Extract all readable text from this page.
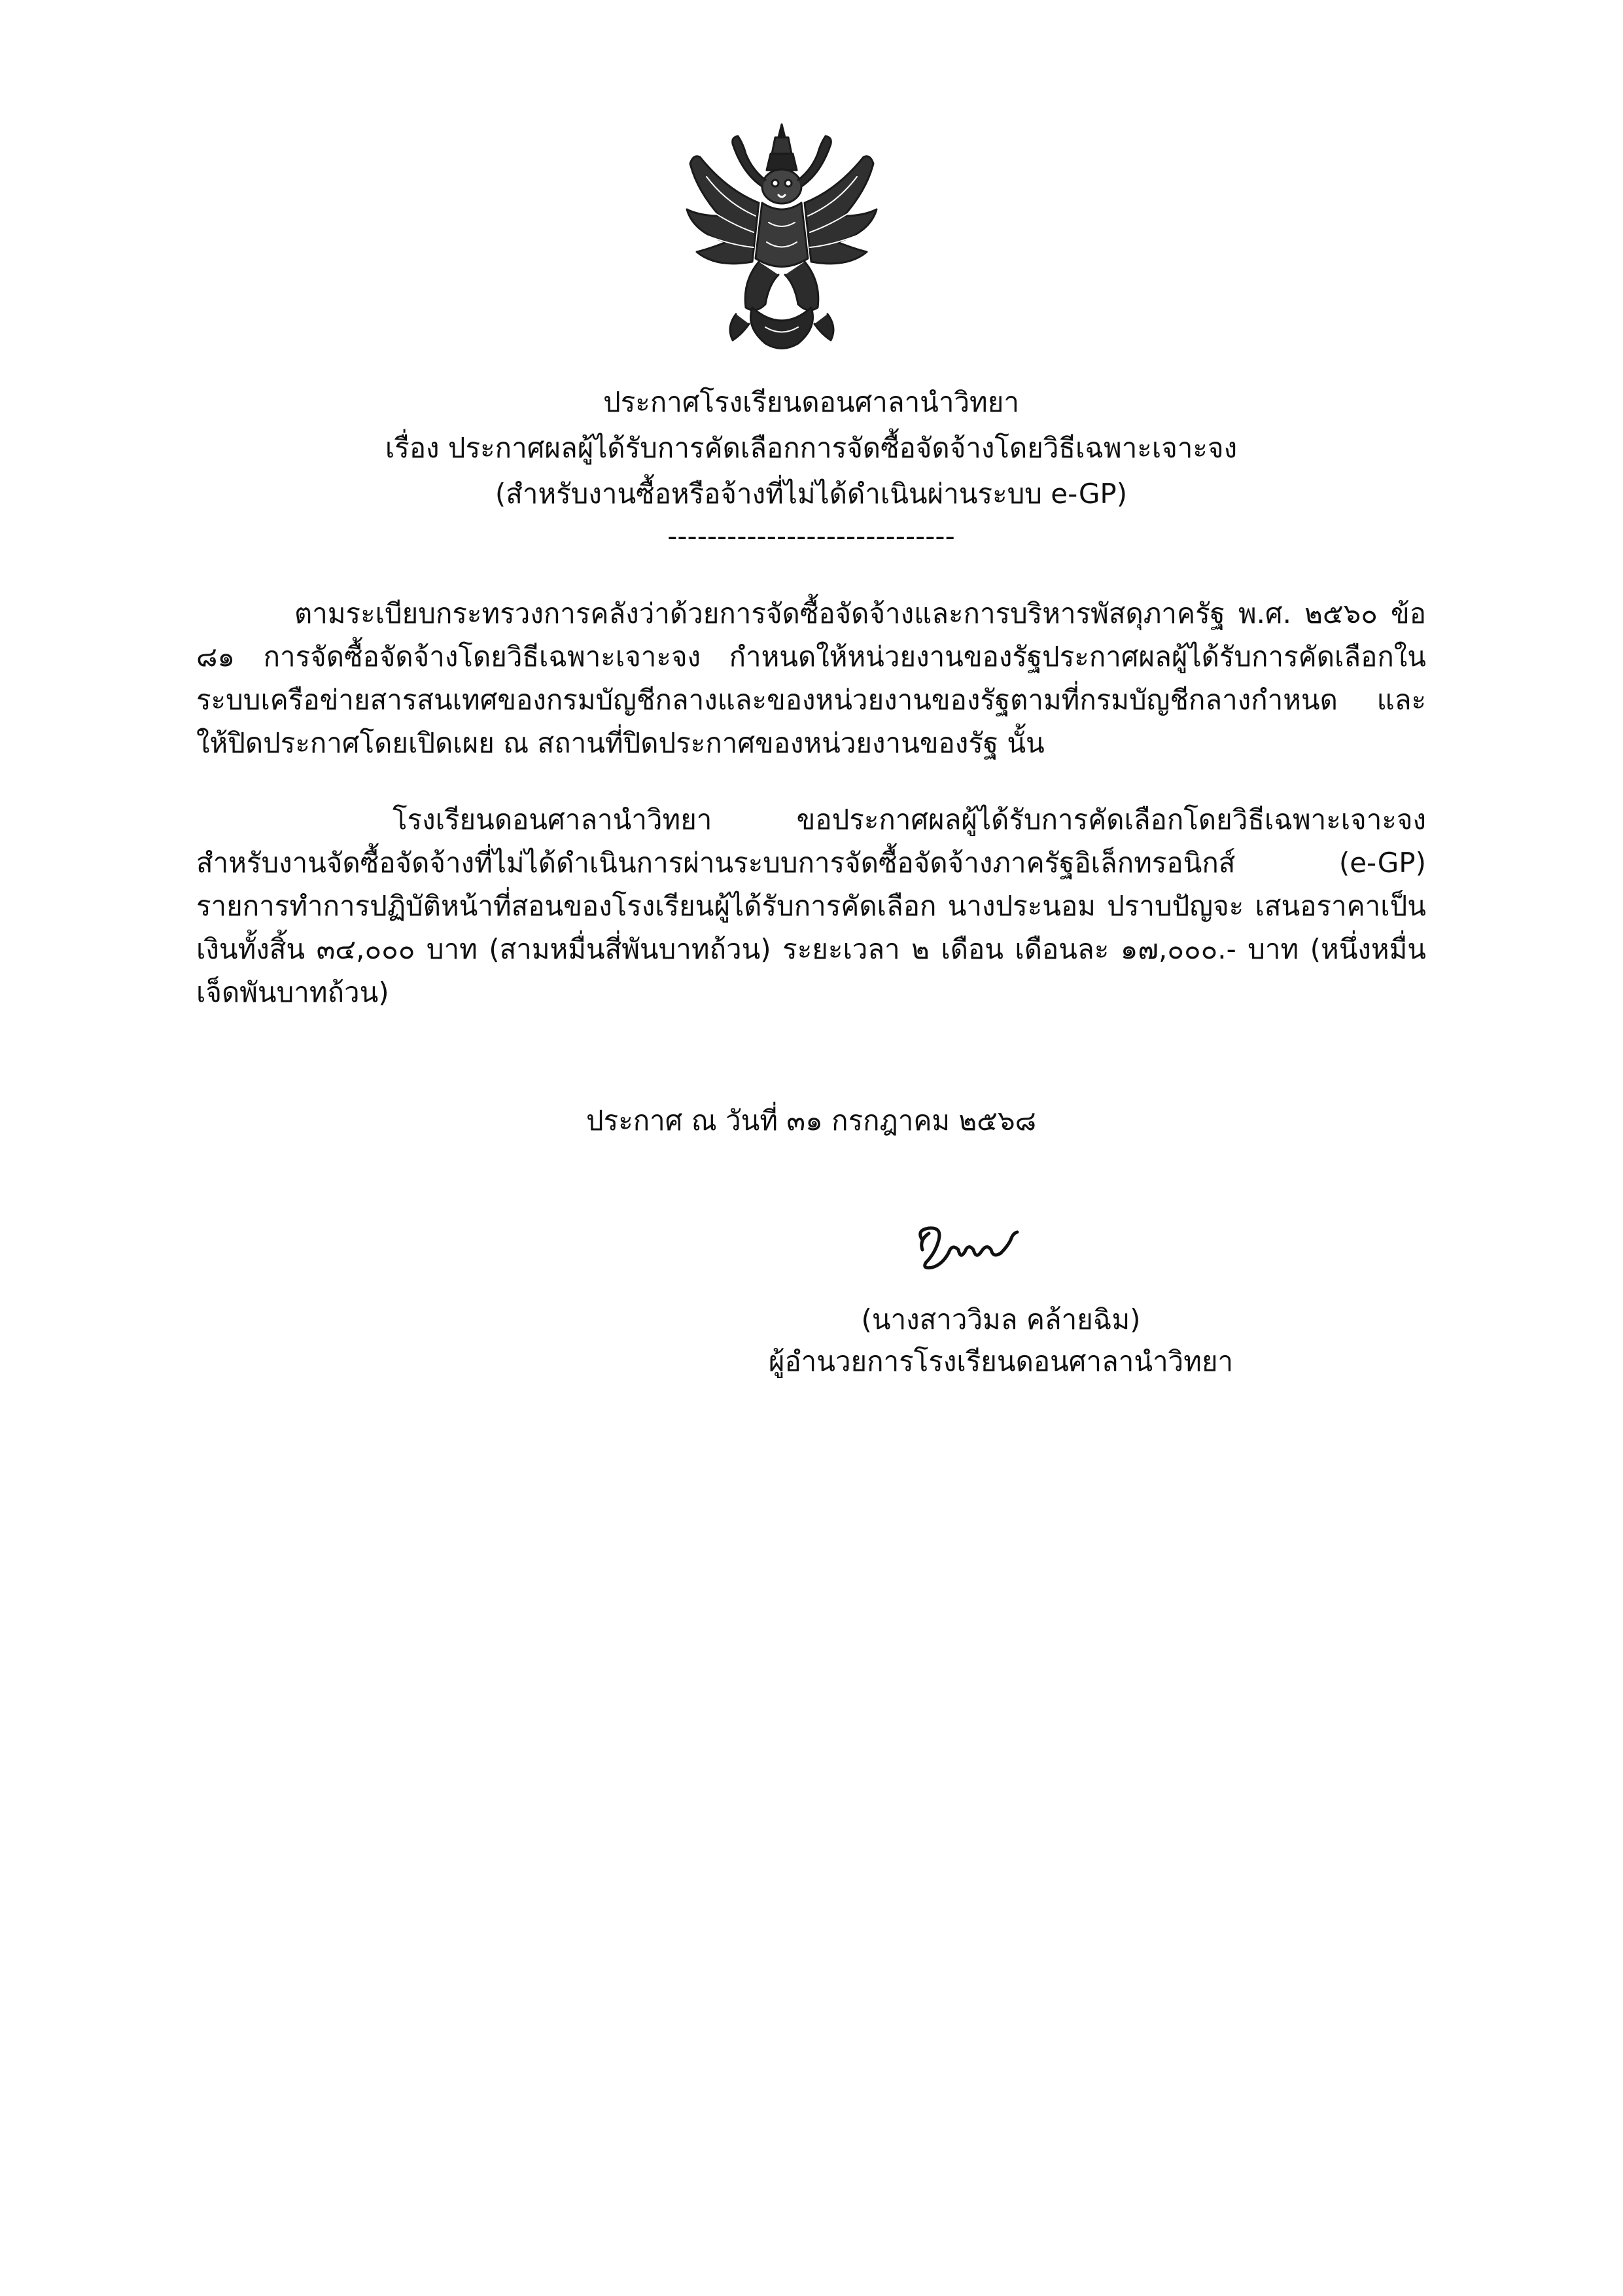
ประกาศโรงเรียนดอนศาลานำวิทยา
เรื่อง ประกาศผลผู้ได้รับการคัดเลือกการจัดซื้อจัดจ้างโดยวิธีเฉพาะเจาะจง
(สำหรับงานซื้อหรือจ้างที่ไม่ได้ดำเนินผ่านระบบ e-GP)
-----------------------------
ตามระเบียบกระทรวงการคลังว่าด้วยการจัดซื้อจัดจ้างและการบริหารพัสดุภาครัฐ พ.ศ. ๒๕๖๐ ข้อ ๘๑ การจัดซื้อจัดจ้างโดยวิธีเฉพาะเจาะจง กำหนดให้หน่วยงานของรัฐประกาศผลผู้ได้รับการคัดเลือกในระบบเครือข่ายสารสนเทศของกรมบัญชีกลางและของหน่วยงานของรัฐตามที่กรมบัญชีกลางกำหนด และให้ปิดประกาศโดยเปิดเผย ณ สถานที่ปิดประกาศของหน่วยงานของรัฐ นั้น
โรงเรียนดอนศาลานำวิทยา ขอประกาศผลผู้ได้รับการคัดเลือกโดยวิธีเฉพาะเจาะจง สำหรับงานจัดซื้อจัดจ้างที่ไม่ได้ดำเนินการผ่านระบบการจัดซื้อจัดจ้างภาครัฐอิเล็กทรอนิกส์ (e-GP) รายการทำการปฏิบัติหน้าที่สอนของโรงเรียนผู้ได้รับการคัดเลือก นางประนอม ปราบปัญจะ เสนอราคาเป็นเงินทั้งสิ้น ๓๔,๐๐๐ บาท (สามหมื่นสี่พันบาทถ้วน) ระยะเวลา ๒ เดือน เดือนละ ๑๗,๐๐๐.- บาท (หนึ่งหมื่นเจ็ดพันบาทถ้วน)
ประกาศ ณ วันที่ ๓๑ กรกฎาคม ๒๕๖๘
(นางสาววิมล คล้ายฉิม)
ผู้อำนวยการโรงเรียนดอนศาลานำวิทยา
